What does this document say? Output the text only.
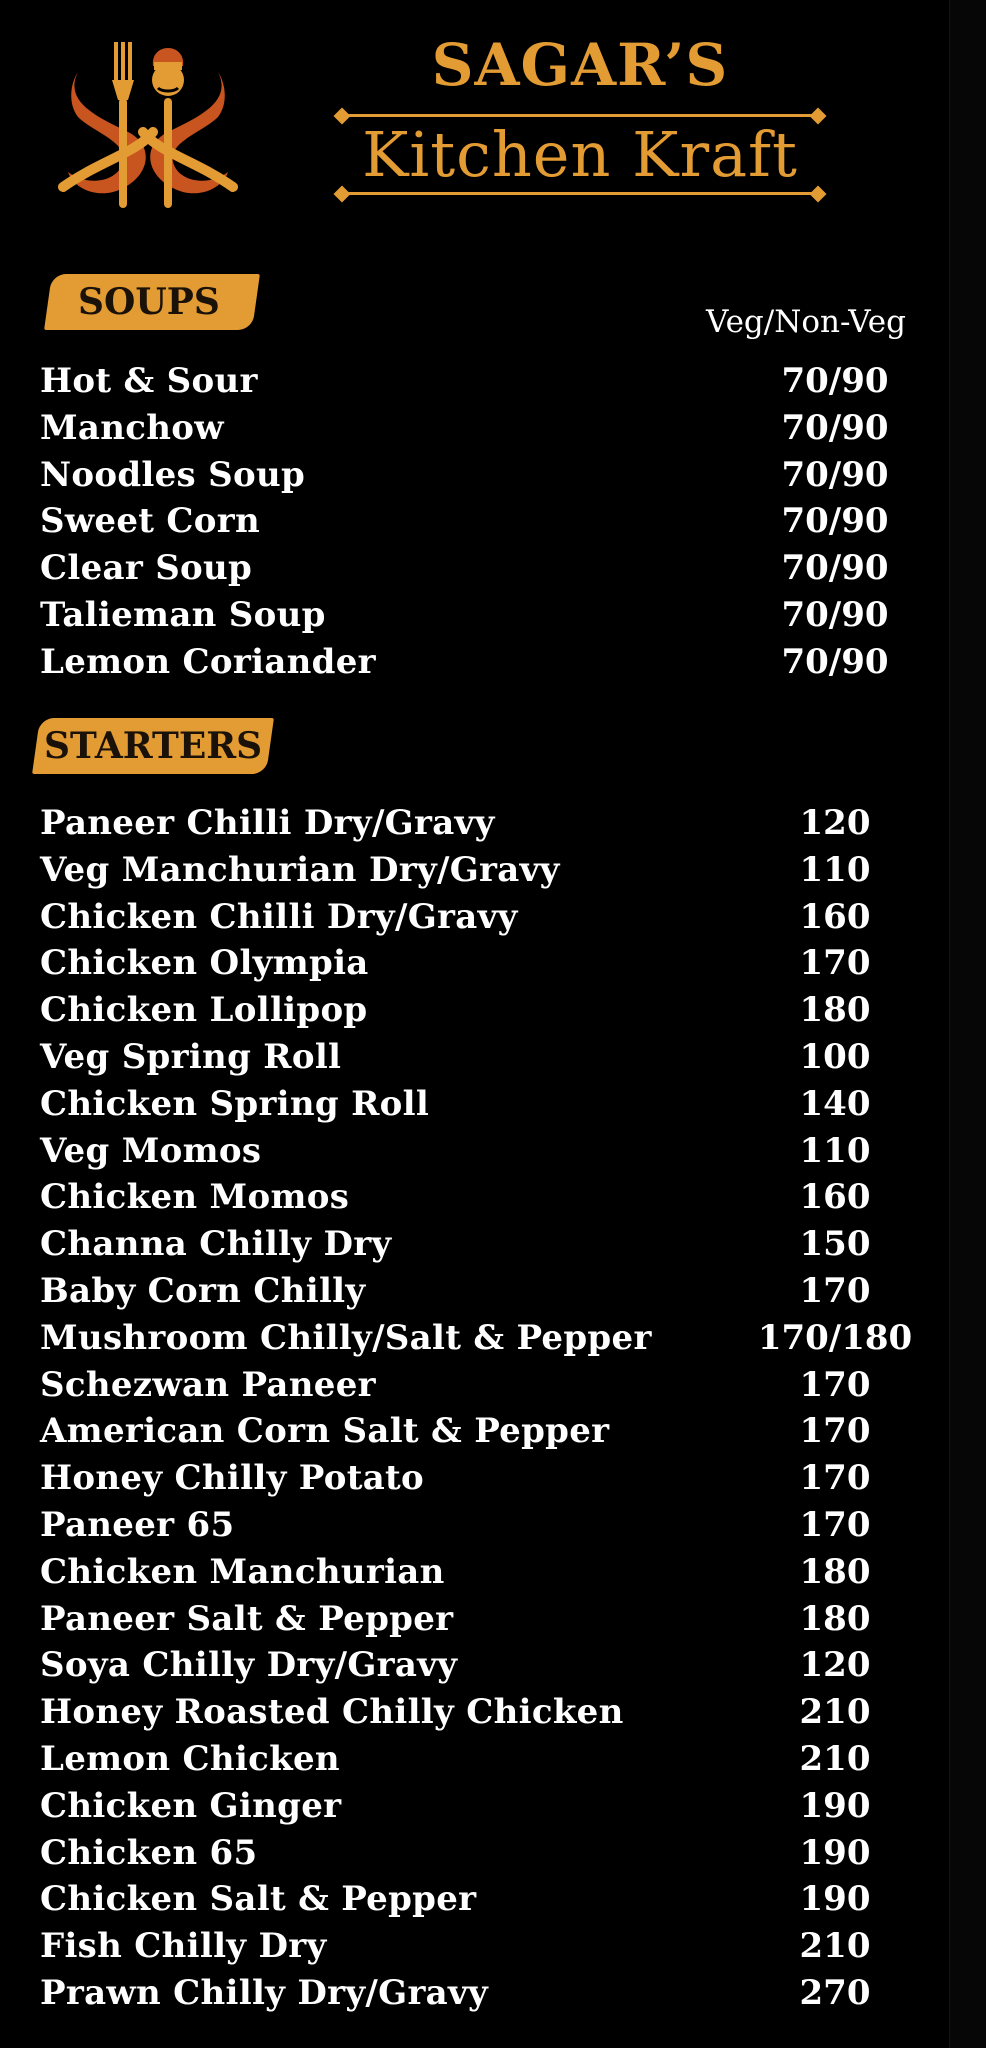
SAGAR’S
Kitchen Kraft
SOUPS	Veg/Non-Veg
Hot & Sour	70/90
Manchow	70/90
Noodles Soup	70/90
Sweet Corn	70/90
Clear Soup	70/90
Talieman Soup	70/90
Lemon Coriander	70/90
STARTERS
Paneer Chilli Dry/Gravy	120
Veg Manchurian Dry/Gravy	110
Chicken Chilli Dry/Gravy	160
Chicken Olympia	170
Chicken Lollipop	180
Veg Spring Roll	100
Chicken Spring Roll	140
Veg Momos	110
Chicken Momos	160
Channa Chilly Dry	150
Baby Corn Chilly	170
Mushroom Chilly/Salt & Pepper	170/180
Schezwan Paneer	170
American Corn Salt & Pepper	170
Honey Chilly Potato	170
Paneer 65	170
Chicken Manchurian	180
Paneer Salt & Pepper	180
Soya Chilly Dry/Gravy	120
Honey Roasted Chilly Chicken	210
Lemon Chicken	210
Chicken Ginger	190
Chicken 65	190
Chicken Salt & Pepper	190
Fish Chilly Dry	210
Prawn Chilly Dry/Gravy	270
